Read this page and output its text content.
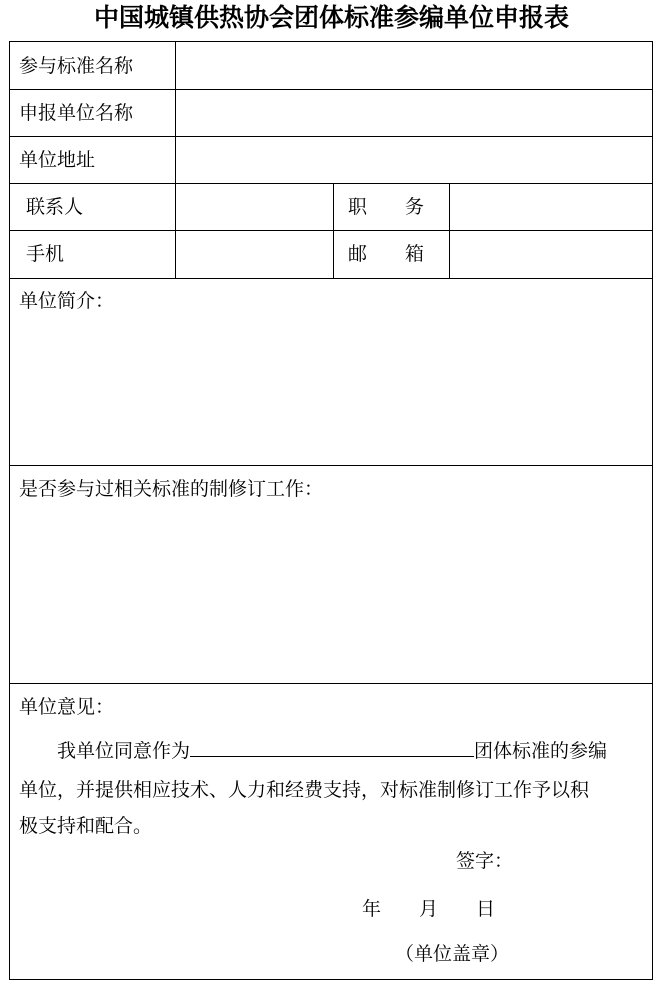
中国城镇供热协会团体标准参编单位申报表
参与标准名称
申报单位名称
单位地址
联系人	职　　务
手机	邮　　箱
单位简介：
是否参与过相关标准的制修订工作：
单位意见：
我单位同意作为	团体标准的参编
单位，并提供相应技术、人力和经费支持，对标准制修订工作予以积
极支持和配合。
签字：
年　　月　　日
（单位盖章）
